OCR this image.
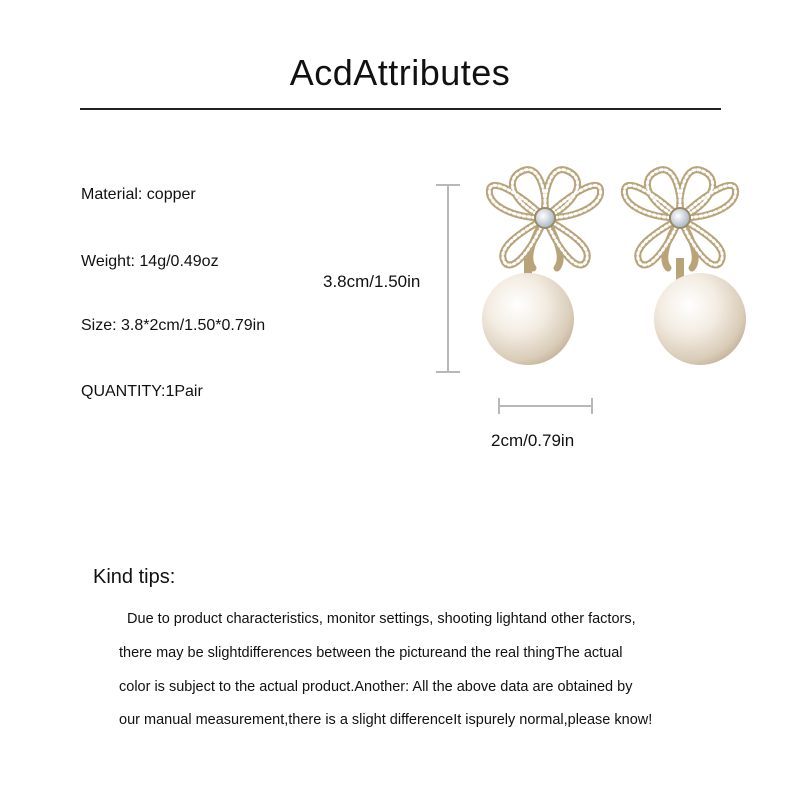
AcdAttributes
Material: copper
Weight: 14g/0.49oz
Size: 3.8*2cm/1.50*0.79in
QUANTITY:1Pair
3.8cm/1.50in
2cm/0.79in
Kind tips:
Due to product characteristics, monitor settings, shooting lightand other factors,
there may be slightdifferences between the pictureand the real thingThe actual
color is subject to the actual product.Another: All the above data are obtained by
our manual measurement,there is a slight differenceIt ispurely normal,please know!
